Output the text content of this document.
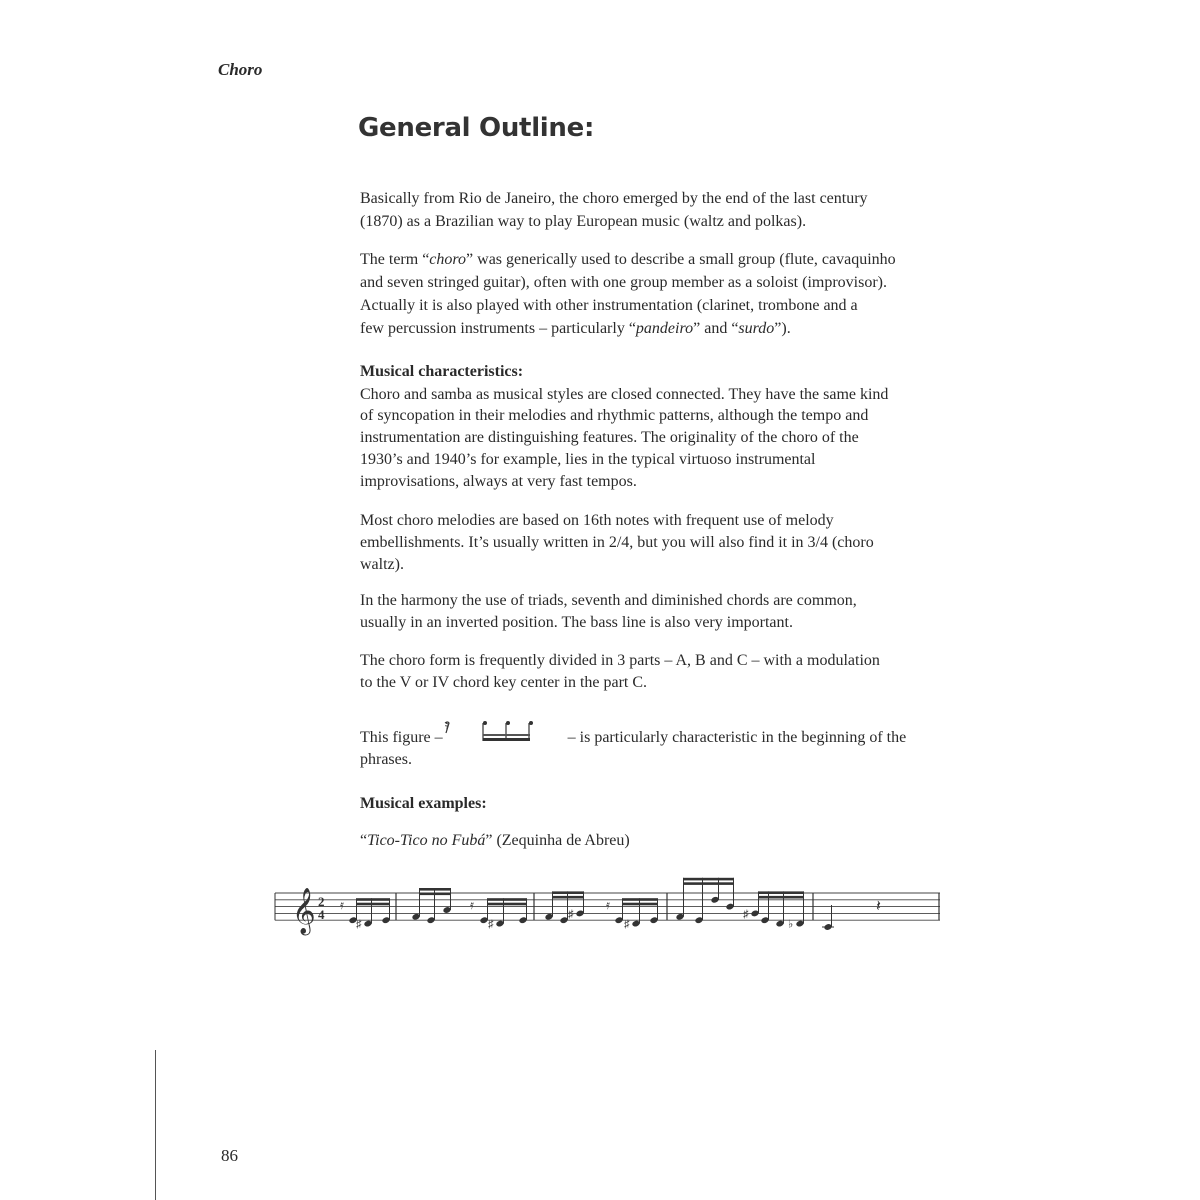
Choro
General Outline:
Basically from Rio de Janeiro, the choro emerged by the end of the last century
(1870) as a Brazilian way to play European music (waltz and polkas).
The term “choro” was generically used to describe a small group (flute, cavaquinho
and seven stringed guitar), often with one group member as a soloist (improvisor).
Actually it is also played with other instrumentation (clarinet, trombone and a
few percussion instruments – particularly “pandeiro” and “surdo”).
Musical characteristics:
Choro and samba as musical styles are closed connected. They have the same kind
of syncopation in their melodies and rhythmic patterns, although the tempo and
instrumentation are distinguishing features. The originality of the choro of the
1930’s and 1940’s for example, lies in the typical virtuoso instrumental
improvisations, always at very fast tempos.
Most choro melodies are based on 16th notes with frequent use of melody
embellishments. It’s usually written in 2/4, but you will also find it in 3/4 (choro
waltz).
In the harmony the use of triads, seventh and diminished chords are common,
usually in an inverted position. The bass line is also very important.
The choro form is frequently divided in 3 parts – A, B and C – with a modulation
to the V or IV chord key center in the part C.
This figure –	– is particularly characteristic in the beginning of the
𝄿
phrases.
Musical examples:
“Tico-Tico no Fubá” (Zequinha de Abreu)
𝄞 2
4
♯	♯
♯
♯
♯
♭
𝄿	𝄿	𝄿	𝄽
86
